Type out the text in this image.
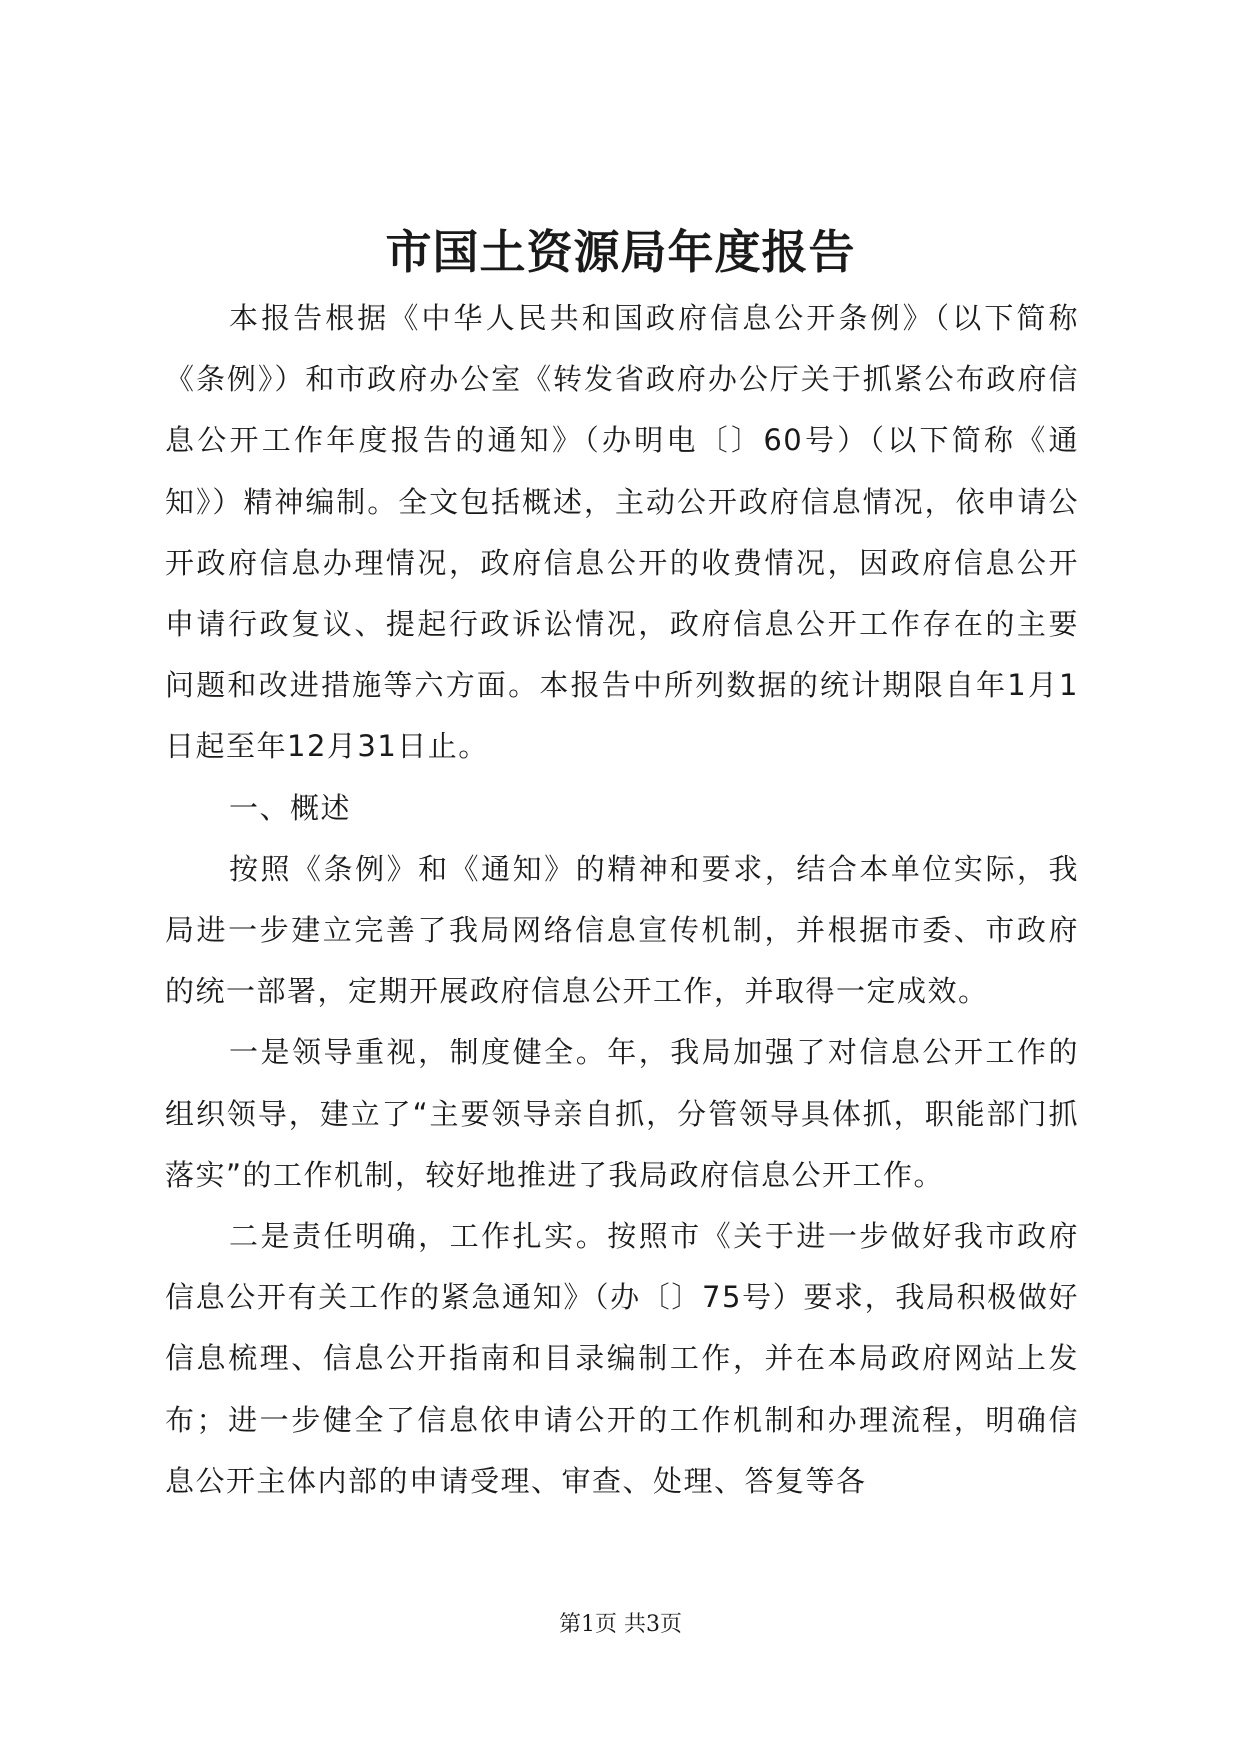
市国土资源局年度报告

本报告根据《中华人民共和国政府信息公开条例》（以下简称《条例》）和市政府办公室《转发省政府办公厅关于抓紧公布政府信息公开工作年度报告的通知》（办明电〔〕60号）（以下简称《通知》）精神编制。全文包括概述，主动公开政府信息情况，依申请公开政府信息办理情况，政府信息公开的收费情况，因政府信息公开申请行政复议、提起行政诉讼情况，政府信息公开工作存在的主要问题和改进措施等六方面。本报告中所列数据的统计期限自年1月1日起至年12月31日止。

一、概述

按照《条例》和《通知》的精神和要求，结合本单位实际，我局进一步建立完善了我局网络信息宣传机制，并根据市委、市政府的统一部署，定期开展政府信息公开工作，并取得一定成效。

一是领导重视，制度健全。年，我局加强了对信息公开工作的组织领导，建立了“主要领导亲自抓，分管领导具体抓，职能部门抓落实”的工作机制，较好地推进了我局政府信息公开工作。

二是责任明确，工作扎实。按照市《关于进一步做好我市政府信息公开有关工作的紧急通知》（办〔〕75号）要求，我局积极做好信息梳理、信息公开指南和目录编制工作，并在本局政府网站上发布；进一步健全了信息依申请公开的工作机制和办理流程，明确信息公开主体内部的申请受理、审查、处理、答复等各

第1页 共3页
